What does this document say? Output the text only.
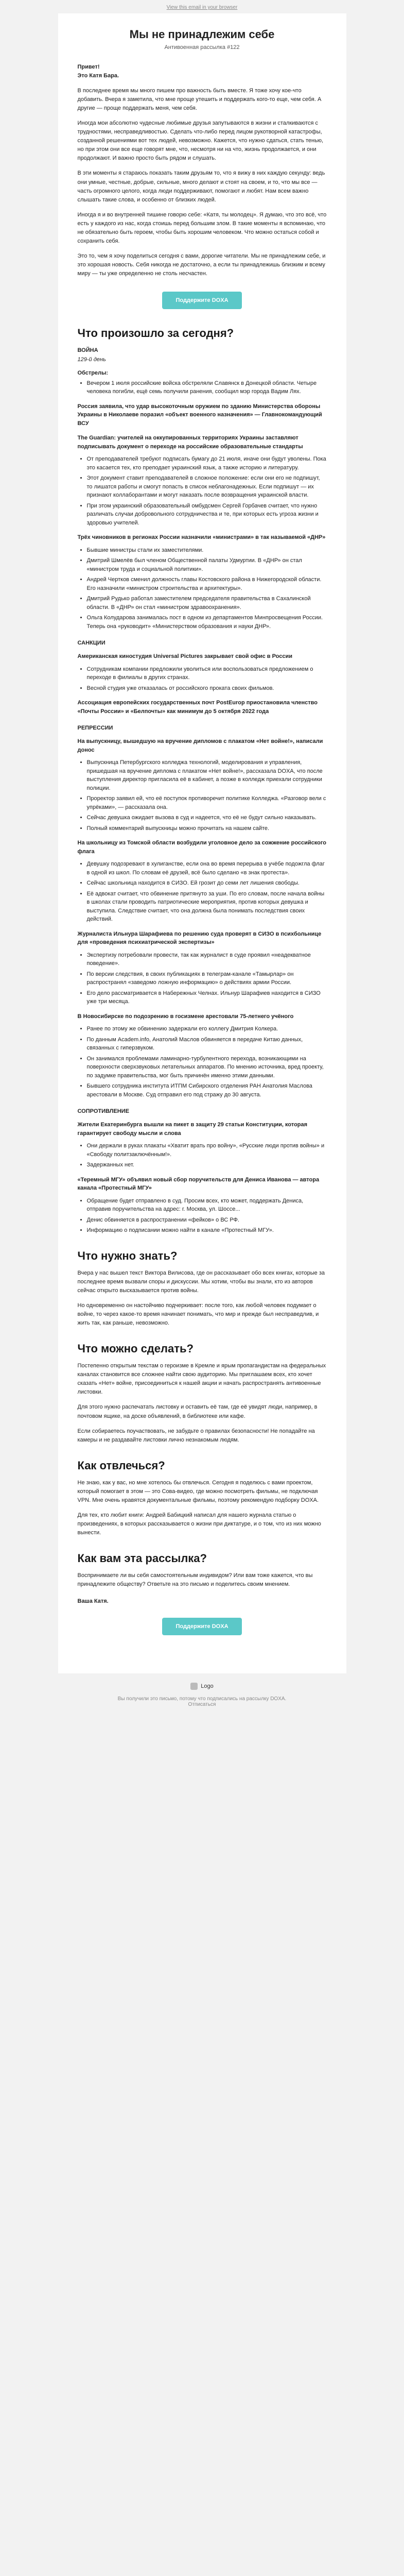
View this email in your browser
Мы не принадлежим себе
Антивоенная рассылка #122

Привет!
Это Катя Бара.

В последнее время мы много пишем про важность быть вместе. Я тоже хочу кое-что добавить. Вчера я заметила, что мне проще утешить и поддержать кого-то еще, чем себя. А другие — проще поддержать меня, чем себя.

Иногда мои абсолютно чудесные любимые друзья запутываются в жизни и сталкиваются с трудностями, несправедливостью. Сделать что-либо перед лицом рукотворной катастрофы, созданной решениями вот тех людей, невозможно. Кажется, что нужно сдаться, стать тенью, но при этом они все еще говорят мне, что, несмотря ни на что, жизнь продолжается, и они продолжают. И важно просто быть рядом и слушать.

В эти моменты я стараюсь показать таким друзьям то, что я вижу в них каждую секунду: ведь они умные, честные, добрые, сильные, много делают и стоят на своем, и то, что мы все — часть огромного целого, когда люди поддерживают, помогают и любят. Нам всем важно слышать такие слова, и особенно от близких людей.

Иногда я и во внутренней тишине говорю себе: «Катя, ты молодец». Я думаю, что это всё, что есть у каждого из нас, когда стоишь перед большим злом. В такие моменты я вспоминаю, что не обязательно быть героем, чтобы быть хорошим человеком. Что можно остаться собой и сохранить себя.

Это то, чем я хочу поделиться сегодня с вами, дорогие читатели. Мы не принадлежим себе, и это хорошая новость. Себя никогда не достаточно, а если ты принадлежишь близким и всему миру — ты уже определенно не столь несчастен.

Поддержите DOXA
Что произошло за сегодня?
ВОЙНА
129-й день
Обстрелы:
• Вечером 1 июля российские войска обстреляли Славянск в Донецкой области. Четыре человека погибли, ещё семь получили ранения, сообщил мэр города Вадим Лях.
Россия заявила, что удар высокоточным оружием по зданию Министерства обороны Украины в Николаеве поразил «объект военного назначения» — Главнокомандующий ВСУ
The Guardian: учителей на оккупированных территориях Украины заставляют подписывать документ о переходе на российские образовательные стандарты
• От преподавателей требуют подписать бумагу до 21 июля, иначе они будут уволены. Пока это касается тех, кто преподает украинский язык, а также историю и литературу.
• Этот документ ставит преподавателей в сложное положение: если они его не подпишут, то лишатся работы и смогут попасть в список неблагонадежных. Если подпишут — их признают коллаборантами и могут наказать после возвращения украинской власти.
• При этом украинский образовательный омбудсмен Сергей Горбачев считает, что нужно различать случаи добровольного сотрудничества и те, при которых есть угроза жизни и здоровью учителей.
Трёх чиновников в регионах России назначили «министрами» в так называемой «ДНР»
• Бывшие министры стали их заместителями.
• Дмитрий Шмелёв был членом Общественной палаты Удмуртии. В «ДНР» он стал «министром труда и социальной политики».
• Андрей Чертков сменил должность главы Костовского района в Нижегородской области. Его назначили «министром строительства и архитектуры».
• Дмитрий Рудько работал заместителем председателя правительства в Сахалинской области. В «ДНР» он стал «министром здравоохранения».
• Ольга Колударова занималась пост в одном из департаментов Минпросвещения России. Теперь она «руководит» «Министерством образования и науки ДНР».
САНКЦИИ
Американская киностудия Universal Pictures закрывает свой офис в России
• Сотрудникам компании предложили уволиться или воспользоваться предложением о переходе в филиалы в других странах.
• Весной студия уже отказалась от российского проката своих фильмов.
Ассоциация европейских государственных почт PostEurop приостановила членство «Почты России» и «Белпочты» как минимум до 5 октября 2022 года
РЕПРЕССИИ
На выпускницу, вышедшую на вручение дипломов с плакатом «Нет войне!», написали донос
• Выпускница Петербургского колледжа технологий, моделирования и управления, пришедшая на вручение диплома с плакатом «Нет войне!», рассказала DOXA, что после выступления директор пригласила её в кабинет, а позже в колледж приехали сотрудники полиции.
• Проректор заявил ей, что её поступок противоречит политике Колледжа. «Разговор вели с упрёками», — рассказала она.
• Сейчас девушка ожидает вызова в суд и надеется, что её не будут сильно наказывать.
• Полный комментарий выпускницы можно прочитать на нашем сайте.
На школьницу из Томской области возбудили уголовное дело за сожжение российского флага
• Девушку подозревают в хулиганстве, если она во время перерыва в учёбе подожгла флаг в одной из школ. По словам её друзей, всё было сделано «в знак протеста».
• Сейчас школьница находится в СИЗО. Ей грозит до семи лет лишения свободы.
• Её адвокат считает, что обвинение притянуто за уши. По его словам, после начала войны в школах стали проводить патриотические мероприятия, против которых девушка и выступила. Следствие считает, что она должна была понимать последствия своих действий.
Журналиста Ильнура Шарафиева по решению суда проверят в СИЗО в психбольнице для «проведения психиатрической экспертизы»
• Экспертизу потребовали провести, так как журналист в суде проявил «неадекватное поведение».
• По версии следствия, в своих публикациях в телеграм-канале «Тамырлар» он распространял «заведомо ложную информацию» о действиях армии России.
• Его дело рассматривается в Набережных Челнах. Ильнур Шарафиев находится в СИЗО уже три месяца.
В Новосибирске по подозрению в госизмене арестовали 75-летнего учёного
• Ранее по этому же обвинению задержали его коллегу Дмитрия Колкера.
• По данным Academ.info, Анатолий Маслов обвиняется в передаче Китаю данных, связанных с гиперзвуком.
• Он занимался проблемами ламинарно-турбулентного перехода, возникающими на поверхности сверхзвуковых летательных аппаратов. По мнению источника, вред проекту, по задумке правительства, мог быть причинён именно этими данными.
• Бывшего сотрудника института ИТПМ Сибирского отделения РАН Анатолия Маслова арестовали в Москве. Суд отправил его под стражу до 30 августа.
СОПРОТИВЛЕНИЕ
Жители Екатеринбурга вышли на пикет в защиту 29 статьи Конституции, которая гарантирует свободу мысли и слова
• Они держали в руках плакаты «Хватит врать про войну», «Русские люди против войны» и «Свободу политзаключённым!».
• Задержанных нет.
«Теремный МГУ» объявил новый сбор поручительств для Дениса Иванова — автора канала «Протестный МГУ»
• Обращение будет отправлено в суд. Просим всех, кто может, поддержать Дениса, отправив поручительства на адрес: г. Москва, ул. Шоссе...
• Денис обвиняется в распространении «фейков» о ВС РФ.
• Информацию о подписании можно найти в канале «Протестный МГУ».
Что нужно знать?

Вчера у нас вышел текст Виктора Вилисова, где он рассказывает обо всех книгах, которые за последнее время вызвали споры и дискуссии. Мы хотим, чтобы вы знали, кто из авторов сейчас открыто высказывается против войны.

Но одновременно он настойчиво подчеркивает: после того, как любой человек подумает о войне, то через какое-то время начинает понимать, что мир и прежде был несправедлив, и жить так, как раньше, невозможно.

Что можно сделать?

Постепенно открытым текстам о героизме в Кремле и ярым пропагандистам на федеральных каналах становится все сложнее найти свою аудиторию. Мы приглашаем всех, кто хочет сказать «Нет» войне, присоединиться к нашей акции и начать распространять антивоенные листовки.

Для этого нужно распечатать листовку и оставить её там, где её увидят люди, например, в почтовом ящике, на доске объявлений, в библиотеке или кафе.

Если собираетесь поучаствовать, не забудьте о правилах безопасности! Не попадайте на камеры и не раздавайте листовки лично незнакомым людям.

Как отвлечься?

Не знаю, как у вас, но мне хотелось бы отвлечься. Сегодня я поделюсь с вами проектом, который помогает в этом — это Сова-видео, где можно посмотреть фильмы, не подключая VPN. Мне очень нравятся документальные фильмы, поэтому рекомендую подборку DOXA.

Для тех, кто любит книги: Андрей Бабицкий написал для нашего журнала статью о произведениях, в которых рассказывается о жизни при диктатуре, и о том, что из них можно вынести.

Как вам эта рассылка?

Воспринимаете ли вы себя самостоятельным индивидом? Или вам тоже кажется, что вы принадлежите обществу? Ответьте на это письмо и поделитесь своим мнением.

Ваша Катя.
Поддержите DOXA
Logo
Вы получили это письмо, потому что подписались на рассылку DOXA.
Отписаться
